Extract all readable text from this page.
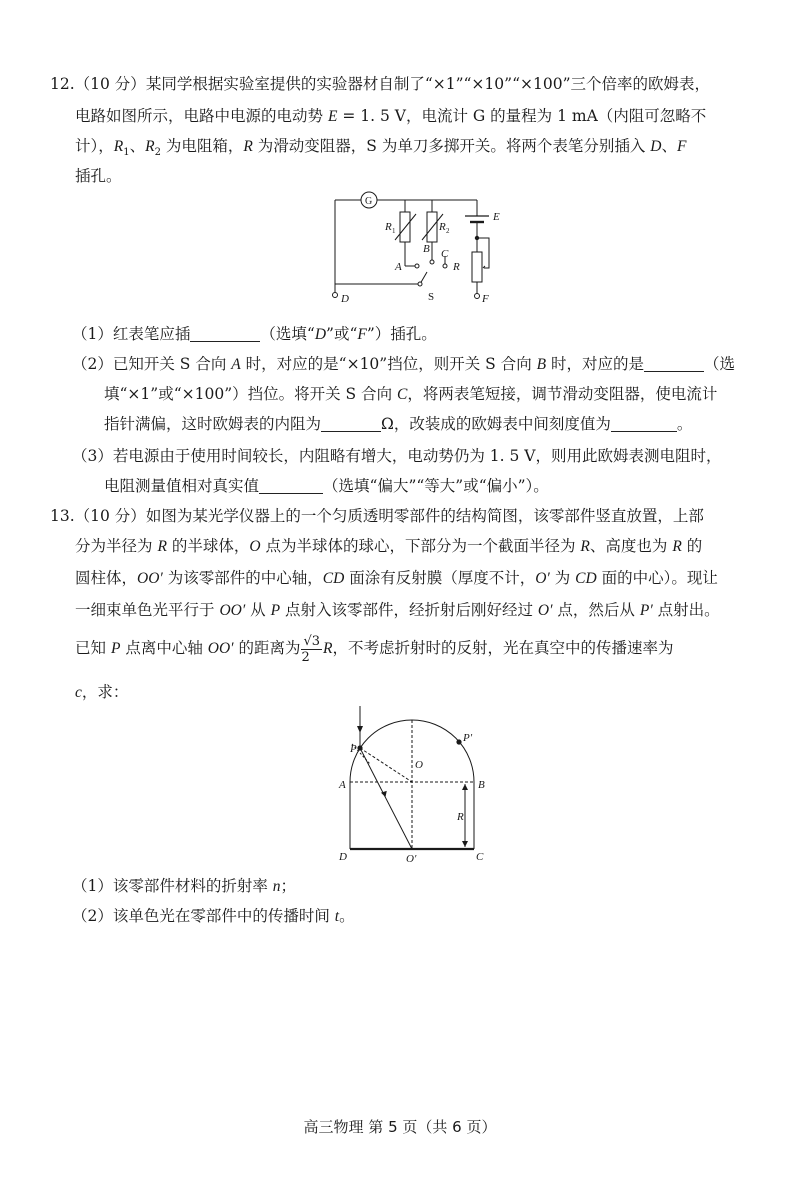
12.（10 分）某同学根据实验室提供的实验器材自制了“×1”“×10”“×100”三个倍率的欧姆表，
电路如图所示，电路中电源的电动势 E = 1. 5 V，电流计 G 的量程为 1 mA（内阻可忽略不
计），$R_1$、$R_2$ 为电阻箱，R 为滑动变阻器，S 为单刀多掷开关。将两个表笔分别插入 D、F
插孔。
G
R 1	R 2
E
A
B C
R
S
D	F
（1）红表笔应插	（选填“D”或“F”）插孔。
（2）已知开关 S 合向 A 时，对应的是“×10”挡位，则开关 S 合向 B 时，对应的是	（选
填“×1”或“×100”）挡位。将开关 S 合向 C，将两表笔短接，调节滑动变阻器，使电流计
指针满偏，这时欧姆表的内阻为	Ω，改装成的欧姆表中间刻度值为	。
（3）若电源由于使用时间较长，内阻略有增大，电动势仍为 1. 5 V，则用此欧姆表测电阻时，
电阻测量值相对真实值	（选填“偏大”“等大”或“偏小”）。
13.（10 分）如图为某光学仪器上的一个匀质透明零部件的结构简图，该零部件竖直放置，上部
分为半径为 R 的半球体，O 点为半球体的球心，下部分为一个截面半径为 R、高度也为 R 的
圆柱体，OO′ 为该零部件的中心轴，CD 面涂有反射膜（厚度不计，O′ 为 CD 面的中心）。现让
一细束单色光平行于 OO′ 从 P 点射入该零部件，经折射后刚好经过 O′ 点，然后从 P′ 点射出。
已知 P 点离中心轴 OO′ 的距离为 $\frac{√3}{2}$ R，不考虑折射时的反射，光在真空中的传播速率为
c，求：
P
P′
O
A	B
R
D	O′	C
（1）该零部件材料的折射率 n；
（2）该单色光在零部件中的传播时间 t。
高三物理 第 5 页（共 6 页）
